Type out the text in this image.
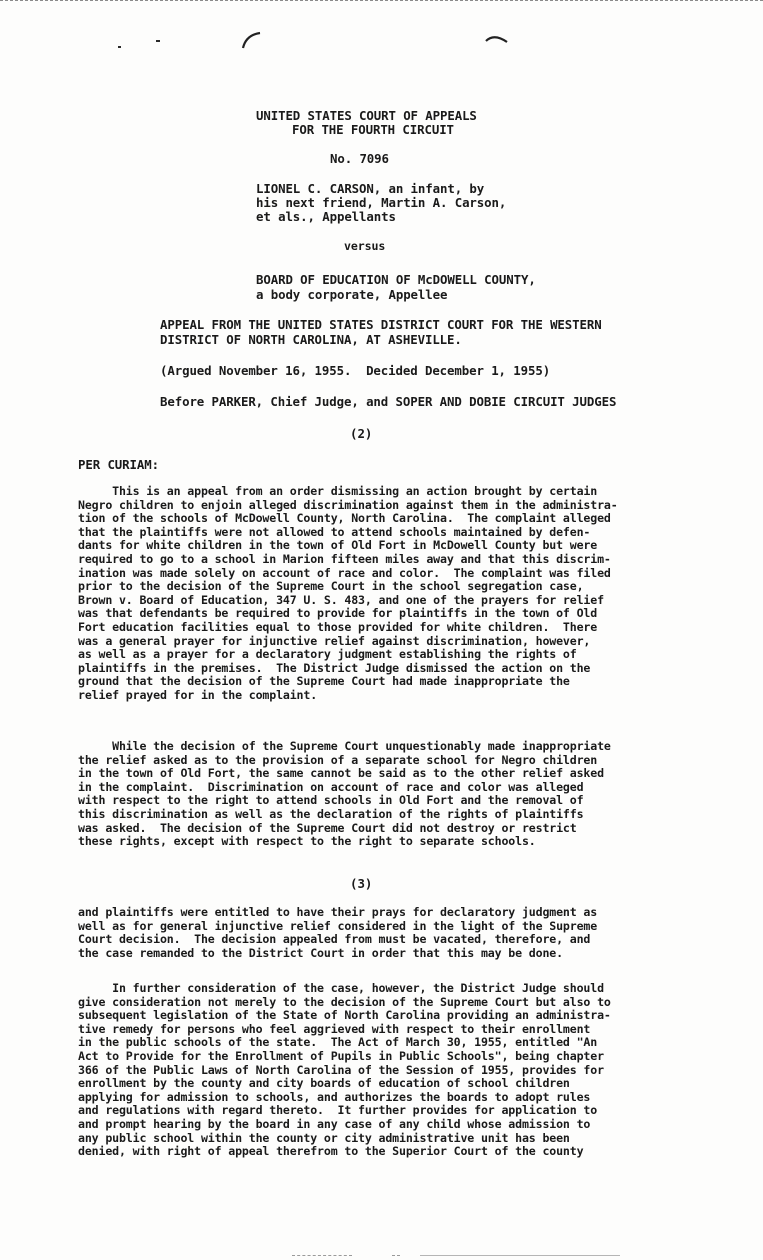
UNITED STATES COURT OF APPEALS
FOR THE FOURTH CIRCUIT
No. 7096
LIONEL C. CARSON, an infant, by
his next friend, Martin A. Carson,
et als., Appellants
versus
BOARD OF EDUCATION OF McDOWELL COUNTY,
a body corporate, Appellee
APPEAL FROM THE UNITED STATES DISTRICT COURT FOR THE WESTERN
DISTRICT OF NORTH CAROLINA, AT ASHEVILLE.
(Argued November 16, 1955.  Decided December 1, 1955)
Before PARKER, Chief Judge, and SOPER AND DOBIE CIRCUIT JUDGES
(2)
PER CURIAM:
This is an appeal from an order dismissing an action brought by certain
Negro children to enjoin alleged discrimination against them in the administra-
tion of the schools of McDowell County, North Carolina.  The complaint alleged
that the plaintiffs were not allowed to attend schools maintained by defen-
dants for white children in the town of Old Fort in McDowell County but were
required to go to a school in Marion fifteen miles away and that this discrim-
ination was made solely on account of race and color.  The complaint was filed
prior to the decision of the Supreme Court in the school segregation case,
Brown v. Board of Education, 347 U. S. 483, and one of the prayers for relief
was that defendants be required to provide for plaintiffs in the town of Old
Fort education facilities equal to those provided for white children.  There
was a general prayer for injunctive relief against discrimination, however,
as well as a prayer for a declaratory judgment establishing the rights of
plaintiffs in the premises.  The District Judge dismissed the action on the
ground that the decision of the Supreme Court had made inappropriate the
relief prayed for in the complaint.
While the decision of the Supreme Court unquestionably made inappropriate
the relief asked as to the provision of a separate school for Negro children
in the town of Old Fort, the same cannot be said as to the other relief asked
in the complaint.  Discrimination on account of race and color was alleged
with respect to the right to attend schools in Old Fort and the removal of
this discrimination as well as the declaration of the rights of plaintiffs
was asked.  The decision of the Supreme Court did not destroy or restrict
these rights, except with respect to the right to separate schools.
(3)
and plaintiffs were entitled to have their prays for declaratory judgment as
well as for general injunctive relief considered in the light of the Supreme
Court decision.  The decision appealed from must be vacated, therefore, and
the case remanded to the District Court in order that this may be done.
In further consideration of the case, however, the District Judge should
give consideration not merely to the decision of the Supreme Court but also to
subsequent legislation of the State of North Carolina providing an administra-
tive remedy for persons who feel aggrieved with respect to their enrollment
in the public schools of the state.  The Act of March 30, 1955, entitled "An
Act to Provide for the Enrollment of Pupils in Public Schools", being chapter
366 of the Public Laws of North Carolina of the Session of 1955, provides for
enrollment by the county and city boards of education of school children
applying for admission to schools, and authorizes the boards to adopt rules
and regulations with regard thereto.  It further provides for application to
and prompt hearing by the board in any case of any child whose admission to
any public school within the county or city administrative unit has been
denied, with right of appeal therefrom to the Superior Court of the county
